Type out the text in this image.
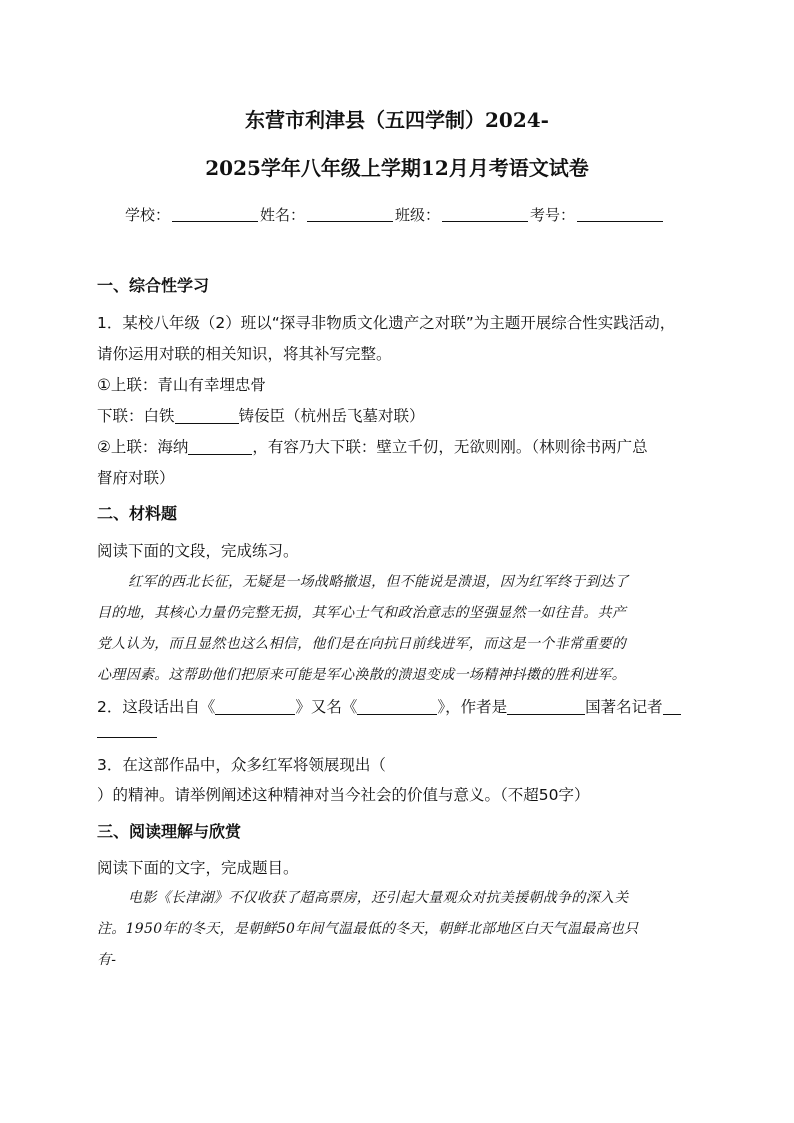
东营市利津县（五四学制）2024-
2025学年八年级上学期12月月考语文试卷
学校：	姓名：	班级：	考号：
一、综合性学习
1．某校八年级（2）班以“探寻非物质文化遗产之对联”为主题开展综合性实践活动，
请你运用对联的相关知识，将其补写完整。
①上联：青山有幸埋忠骨
下联：白铁	铸佞臣（杭州岳飞墓对联）
②上联：海纳	，有容乃大下联：壁立千仞，无欲则刚。（林则徐书两广总
督府对联）
二、材料题
阅读下面的文段，完成练习。
红军的西北长征，无疑是一场战略撤退，但不能说是溃退，因为红军终于到达了
目的地，其核心力量仍完整无损，其军心士气和政治意志的坚强显然一如往昔。共产
党人认为，而且显然也这么相信，他们是在向抗日前线进军，而这是一个非常重要的
心理因素。这帮助他们把原来可能是军心涣散的溃退变成一场精神抖擞的胜利进军。
2．这段话出自《	》又名《	》，作者是	国著名记者
3．在这部作品中，众多红军将领展现出（
）的精神。请举例阐述这种精神对当今社会的价值与意义。（不超50字）
三、阅读理解与欣赏
阅读下面的文字，完成题目。
电影《长津湖》不仅收获了超高票房，还引起大量观众对抗美援朝战争的深入关
注。1950年的冬天，是朝鲜50年间气温最低的冬天，朝鲜北部地区白天气温最高也只
有-
